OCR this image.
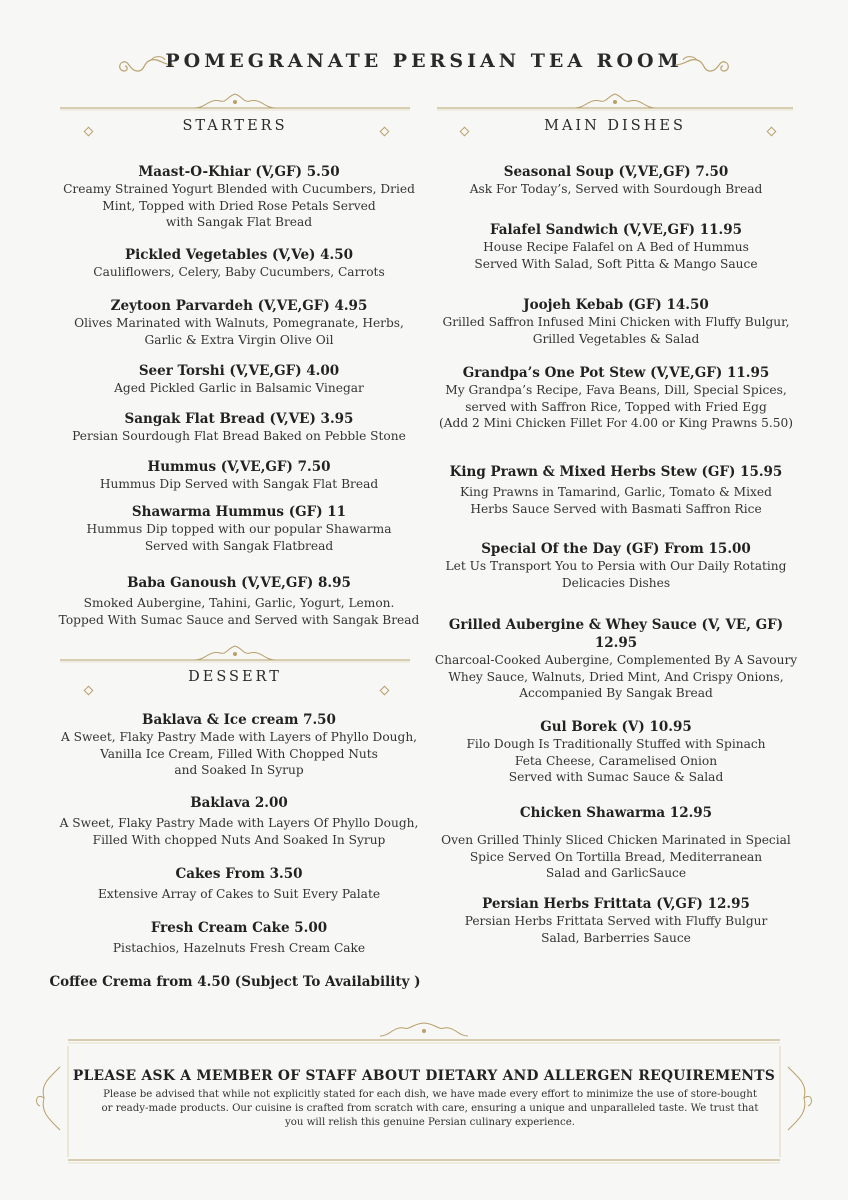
POMEGRANATE PERSIAN TEA ROOM
STARTERS	MAIN DISHES
Maast-O-Khiar (V,GF) 5.50
Creamy Strained Yogurt Blended with Cucumbers, Dried
Mint, Topped with Dried Rose Petals Served
with Sangak Flat Bread
Pickled Vegetables (V,Ve) 4.50
Cauliflowers, Celery, Baby Cucumbers, Carrots
Zeytoon Parvardeh (V,VE,GF) 4.95
Olives Marinated with Walnuts, Pomegranate, Herbs,
Garlic & Extra Virgin Olive Oil
Seer Torshi (V,VE,GF) 4.00
Aged Pickled Garlic in Balsamic Vinegar
Sangak Flat Bread (V,VE) 3.95
Persian Sourdough Flat Bread Baked on Pebble Stone
Hummus (V,VE,GF) 7.50
Hummus Dip Served with Sangak Flat Bread
Shawarma Hummus (GF) 11
Hummus Dip topped with our popular Shawarma
Served with Sangak Flatbread
Baba Ganoush (V,VE,GF) 8.95
Smoked Aubergine, Tahini, Garlic, Yogurt, Lemon.
Topped With Sumac Sauce and Served with Sangak Bread
DESSERT
Baklava & Ice cream 7.50
A Sweet, Flaky Pastry Made with Layers of Phyllo Dough,
Vanilla Ice Cream, Filled With Chopped Nuts
and Soaked In Syrup
Baklava 2.00
A Sweet, Flaky Pastry Made with Layers Of Phyllo Dough,
Filled With chopped Nuts And Soaked In Syrup
Cakes From 3.50
Extensive Array of Cakes to Suit Every Palate
Fresh Cream Cake 5.00
Pistachios, Hazelnuts Fresh Cream Cake
Coffee Crema from 4.50 (Subject To Availability )
Seasonal Soup (V,VE,GF) 7.50
Ask For Today’s, Served with Sourdough Bread
Falafel Sandwich (V,VE,GF) 11.95
House Recipe Falafel on A Bed of Hummus
Served With Salad, Soft Pitta & Mango Sauce
Joojeh Kebab (GF) 14.50
Grilled Saffron Infused Mini Chicken with Fluffy Bulgur,
Grilled Vegetables & Salad
Grandpa’s One Pot Stew (V,VE,GF) 11.95
My Grandpa’s Recipe, Fava Beans, Dill, Special Spices,
served with Saffron Rice, Topped with Fried Egg
(Add 2 Mini Chicken Fillet For 4.00 or King Prawns 5.50)
King Prawn & Mixed Herbs Stew (GF) 15.95
King Prawns in Tamarind, Garlic, Tomato & Mixed
Herbs Sauce Served with Basmati Saffron Rice
Special Of the Day (GF) From 15.00
Let Us Transport You to Persia with Our Daily Rotating
Delicacies Dishes
Grilled Aubergine & Whey Sauce (V, VE, GF) 12.95
Charcoal-Cooked Aubergine, Complemented By A Savoury
Whey Sauce, Walnuts, Dried Mint, And Crispy Onions,
Accompanied By Sangak Bread
Gul Borek (V) 10.95
Filo Dough Is Traditionally Stuffed with Spinach
Feta Cheese, Caramelised Onion
Served with Sumac Sauce & Salad
Chicken Shawarma 12.95
Oven Grilled Thinly Sliced Chicken Marinated in Special
Spice Served On Tortilla Bread, Mediterranean
Salad and GarlicSauce
Persian Herbs Frittata (V,GF) 12.95
Persian Herbs Frittata Served with Fluffy Bulgur
Salad, Barberries Sauce
PLEASE ASK A MEMBER OF STAFF ABOUT DIETARY AND ALLERGEN REQUIREMENTS
Please be advised that while not explicitly stated for each dish, we have made every effort to minimize the use of store-bought or ready-made products. Our cuisine is crafted from scratch with care, ensuring a unique and unparalleled taste. We trust that you will relish this genuine Persian culinary experience.
